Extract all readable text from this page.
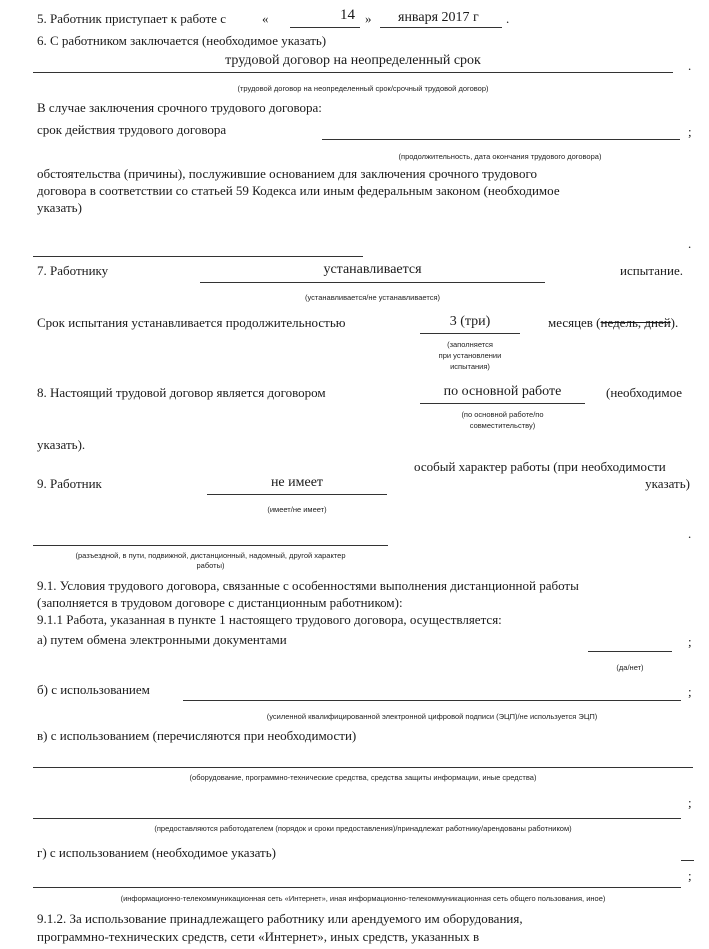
5. Работник приступает к работе с	«	14 » января 2017 г .
6. С работником заключается (необходимое указать)
трудовой договор на неопределенный срок	.
(трудовой договор на неопределенный срок/срочный трудовой договор)
В случае заключения срочного трудового договора:
срок действия трудового договора	;
(продолжительность, дата окончания трудового договора)
обстоятельства (причины), послужившие основанием для заключения срочного трудового
договора в соответствии со статьей 59 Кодекса или иным федеральным законом (необходимое
указать)
.
7. Работнику	устанавливается	испытание.
(устанавливается/не устанавливается)
Срок испытания устанавливается продолжительностью	3 (три)	месяцев (недель, дней).
(заполняется
при установлении
испытания)
8. Настоящий трудовой договор является договором	по основной работе	(необходимое
(по основной работе/по
совместительству)
указать).
особый характер работы (при необходимости
9. Работник	не имеет	указать)
(имеет/не имеет)
.
(разъездной, в пути, подвижной, дистанционный, надомный, другой характер
работы)
9.1. Условия трудового договора, связанные с особенностями выполнения дистанционной работы
(заполняется в трудовом договоре с дистанционным работником):
9.1.1 Работа, указанная в пункте 1 настоящего трудового договора, осуществляется:
а) путем обмена электронными документами	;
(да/нет)
б) с использованием	;
(усиленной квалифицированной электронной цифровой подписи (ЭЦП)/не используется ЭЦП)
в) с использованием (перечисляются при необходимости)
(оборудование, программно-технические средства, средства защиты информации, иные средства)
;
(предоставляются работодателем (порядок и сроки предоставления)/принадлежат работнику/арендованы работником)
г) с использованием (необходимое указать)
;
(информационно-телекоммуникационная сеть «Интернет», иная информационно-телекоммуникационная сеть общего пользования, иное)
9.1.2. За использование принадлежащего работнику или арендуемого им оборудования,
программно-технических средств, сети «Интернет», иных средств, указанных в
